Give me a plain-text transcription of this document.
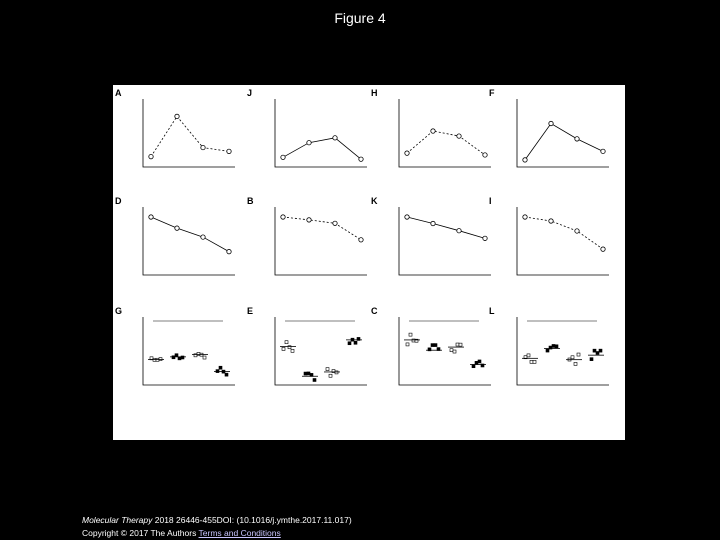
Figure 4
A
D
G
J
B
E
H
K
C
F
I
L
Molecular Therapy 2018 26446-455DOI: (10.1016/j.ymthe.2017.11.017)
Copyright © 2017 The Authors Terms and Conditions
